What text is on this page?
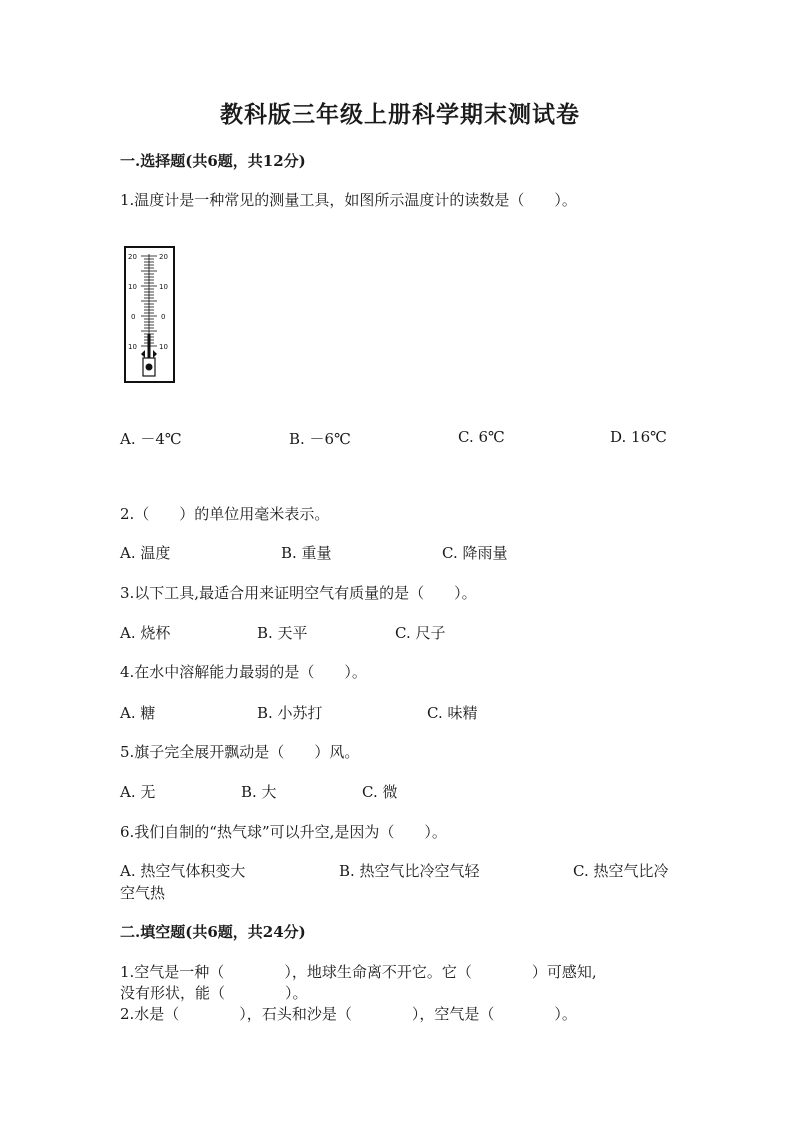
教科版三年级上册科学期末测试卷
一.选择题(共6题，共12分)
1.温度计是一种常见的测量工具，如图所示温度计的读数是（　　）。
20	20
10	10
0	0
10	10
A. －4℃	B. －6℃	C. 6℃	D. 16℃
2.（　　）的单位用毫米表示。
A. 温度	B. 重量	C. 降雨量
3.以下工具,最适合用来证明空气有质量的是（　　）。
A. 烧杯	B. 天平	C. 尺子
4.在水中溶解能力最弱的是（　　）。
A. 糖	B. 小苏打	C. 味精
5.旗子完全展开飘动是（　　）风。
A. 无	B. 大	C. 微
6.我们自制的“热气球”可以升空,是因为（　　）。
A. 热空气体积变大	B. 热空气比冷空气轻	C. 热空气比冷
空气热
二.填空题(共6题，共24分)
1.空气是一种（　　　　），地球生命离不开它。它（　　　　）可感知,
没有形状，能（　　　　）。
2.水是（　　　　），石头和沙是（　　　　），空气是（　　　　）。
